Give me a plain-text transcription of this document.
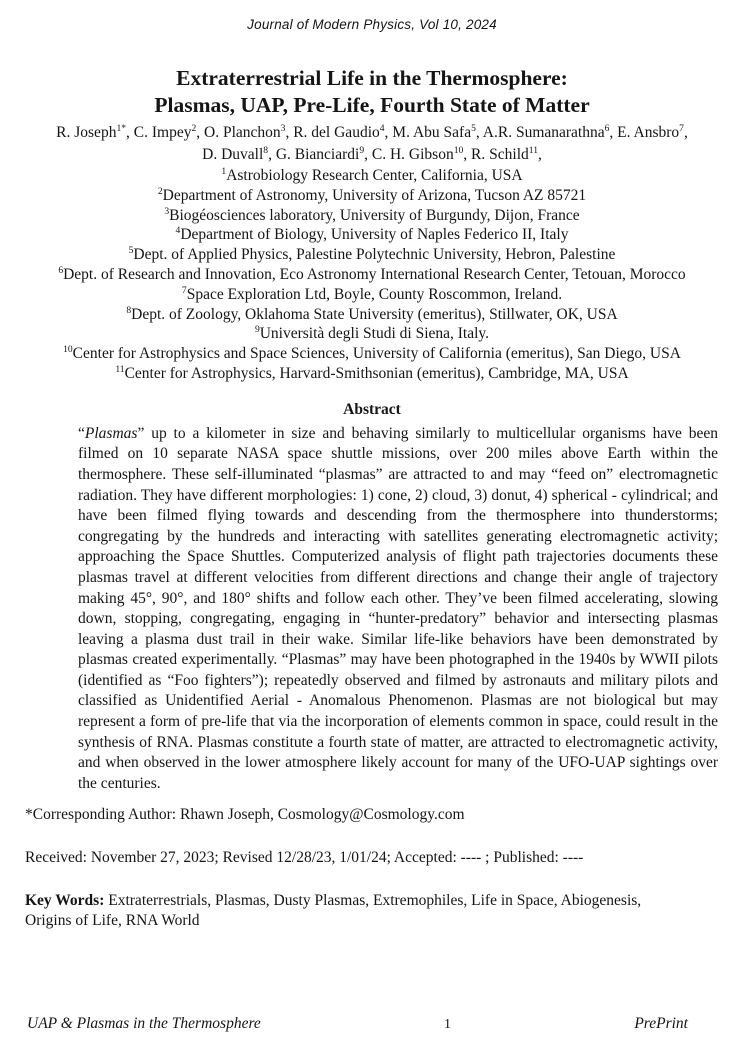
Journal of Modern Physics, Vol 10, 2024
Extraterrestrial Life in the Thermosphere:
Plasmas, UAP, Pre-Life, Fourth State of Matter
R. Joseph$^{1*}$, C. Impey$^2$, O. Planchon$^3$, R. del Gaudio$^4$, M. Abu Safa$^5$, A.R. Sumanarathna$^6$, E. Ansbro$^7$,
D. Duvall$^8$, G. Bianciardi$^9$, C. H. Gibson$^{10}$, R. Schild$^{11}$,
$^1$Astrobiology Research Center, California, USA
$^2$Department of Astronomy, University of Arizona, Tucson AZ 85721
$^3$Biogéosciences laboratory, University of Burgundy, Dijon, France
$^4$Department of Biology, University of Naples Federico II, Italy
$^5$Dept. of Applied Physics, Palestine Polytechnic University, Hebron, Palestine
$^6$Dept. of Research and Innovation, Eco Astronomy International Research Center, Tetouan, Morocco
$^7$Space Exploration Ltd, Boyle, County Roscommon, Ireland.
$^8$Dept. of Zoology, Oklahoma State University (emeritus), Stillwater, OK, USA
$^9$Università degli Studi di Siena, Italy.
$^{10}$Center for Astrophysics and Space Sciences, University of California (emeritus), San Diego, USA
$^{11}$Center for Astrophysics, Harvard-Smithsonian (emeritus), Cambridge, MA, USA
Abstract

“Plasmas” up to a kilometer in size and behaving similarly to multicellular organisms have been filmed on 10 separate NASA space shuttle missions, over 200 miles above Earth within the thermosphere. These self-illuminated “plasmas” are attracted to and may “feed on” electromagnetic radiation. They have different morphologies: 1) cone, 2) cloud, 3) donut, 4) spherical - cylindrical; and have been filmed flying towards and descending from the thermosphere into thunderstorms; congregating by the hundreds and interacting with satellites generating electromagnetic activity; approaching the Space Shuttles. Computerized analysis of flight path trajectories documents these plasmas travel at different velocities from different directions and change their angle of trajectory making 45°, 90°, and 180° shifts and follow each other. They’ve been filmed accelerating, slowing down, stopping, congregating, engaging in “hunter-predatory” behavior and intersecting plasmas leaving a plasma dust trail in their wake. Similar life-like behaviors have been demonstrated by plasmas created experimentally. “Plasmas” may have been photographed in the 1940s by WWII pilots (identified as “Foo fighters”); repeatedly observed and filmed by astronauts and military pilots and classified as Unidentified Aerial - Anomalous Phenomenon. Plasmas are not biological but may represent a form of pre-life that via the incorporation of elements common in space, could result in the synthesis of RNA. Plasmas constitute a fourth state of matter, are attracted to electromagnetic activity, and when observed in the lower atmosphere likely account for many of the UFO-UAP sightings over the centuries.

*Corresponding Author: Rhawn Joseph, Cosmology@Cosmology.com
Received: November 27, 2023; Revised 12/28/23, 1/01/24; Accepted: ---- ; Published: ----
Key Words: Extraterrestrials, Plasmas, Dusty Plasmas, Extremophiles, Life in Space, Abiogenesis, Origins of Life, RNA World
UAP & Plasmas in the Thermosphere	1	PrePrint
